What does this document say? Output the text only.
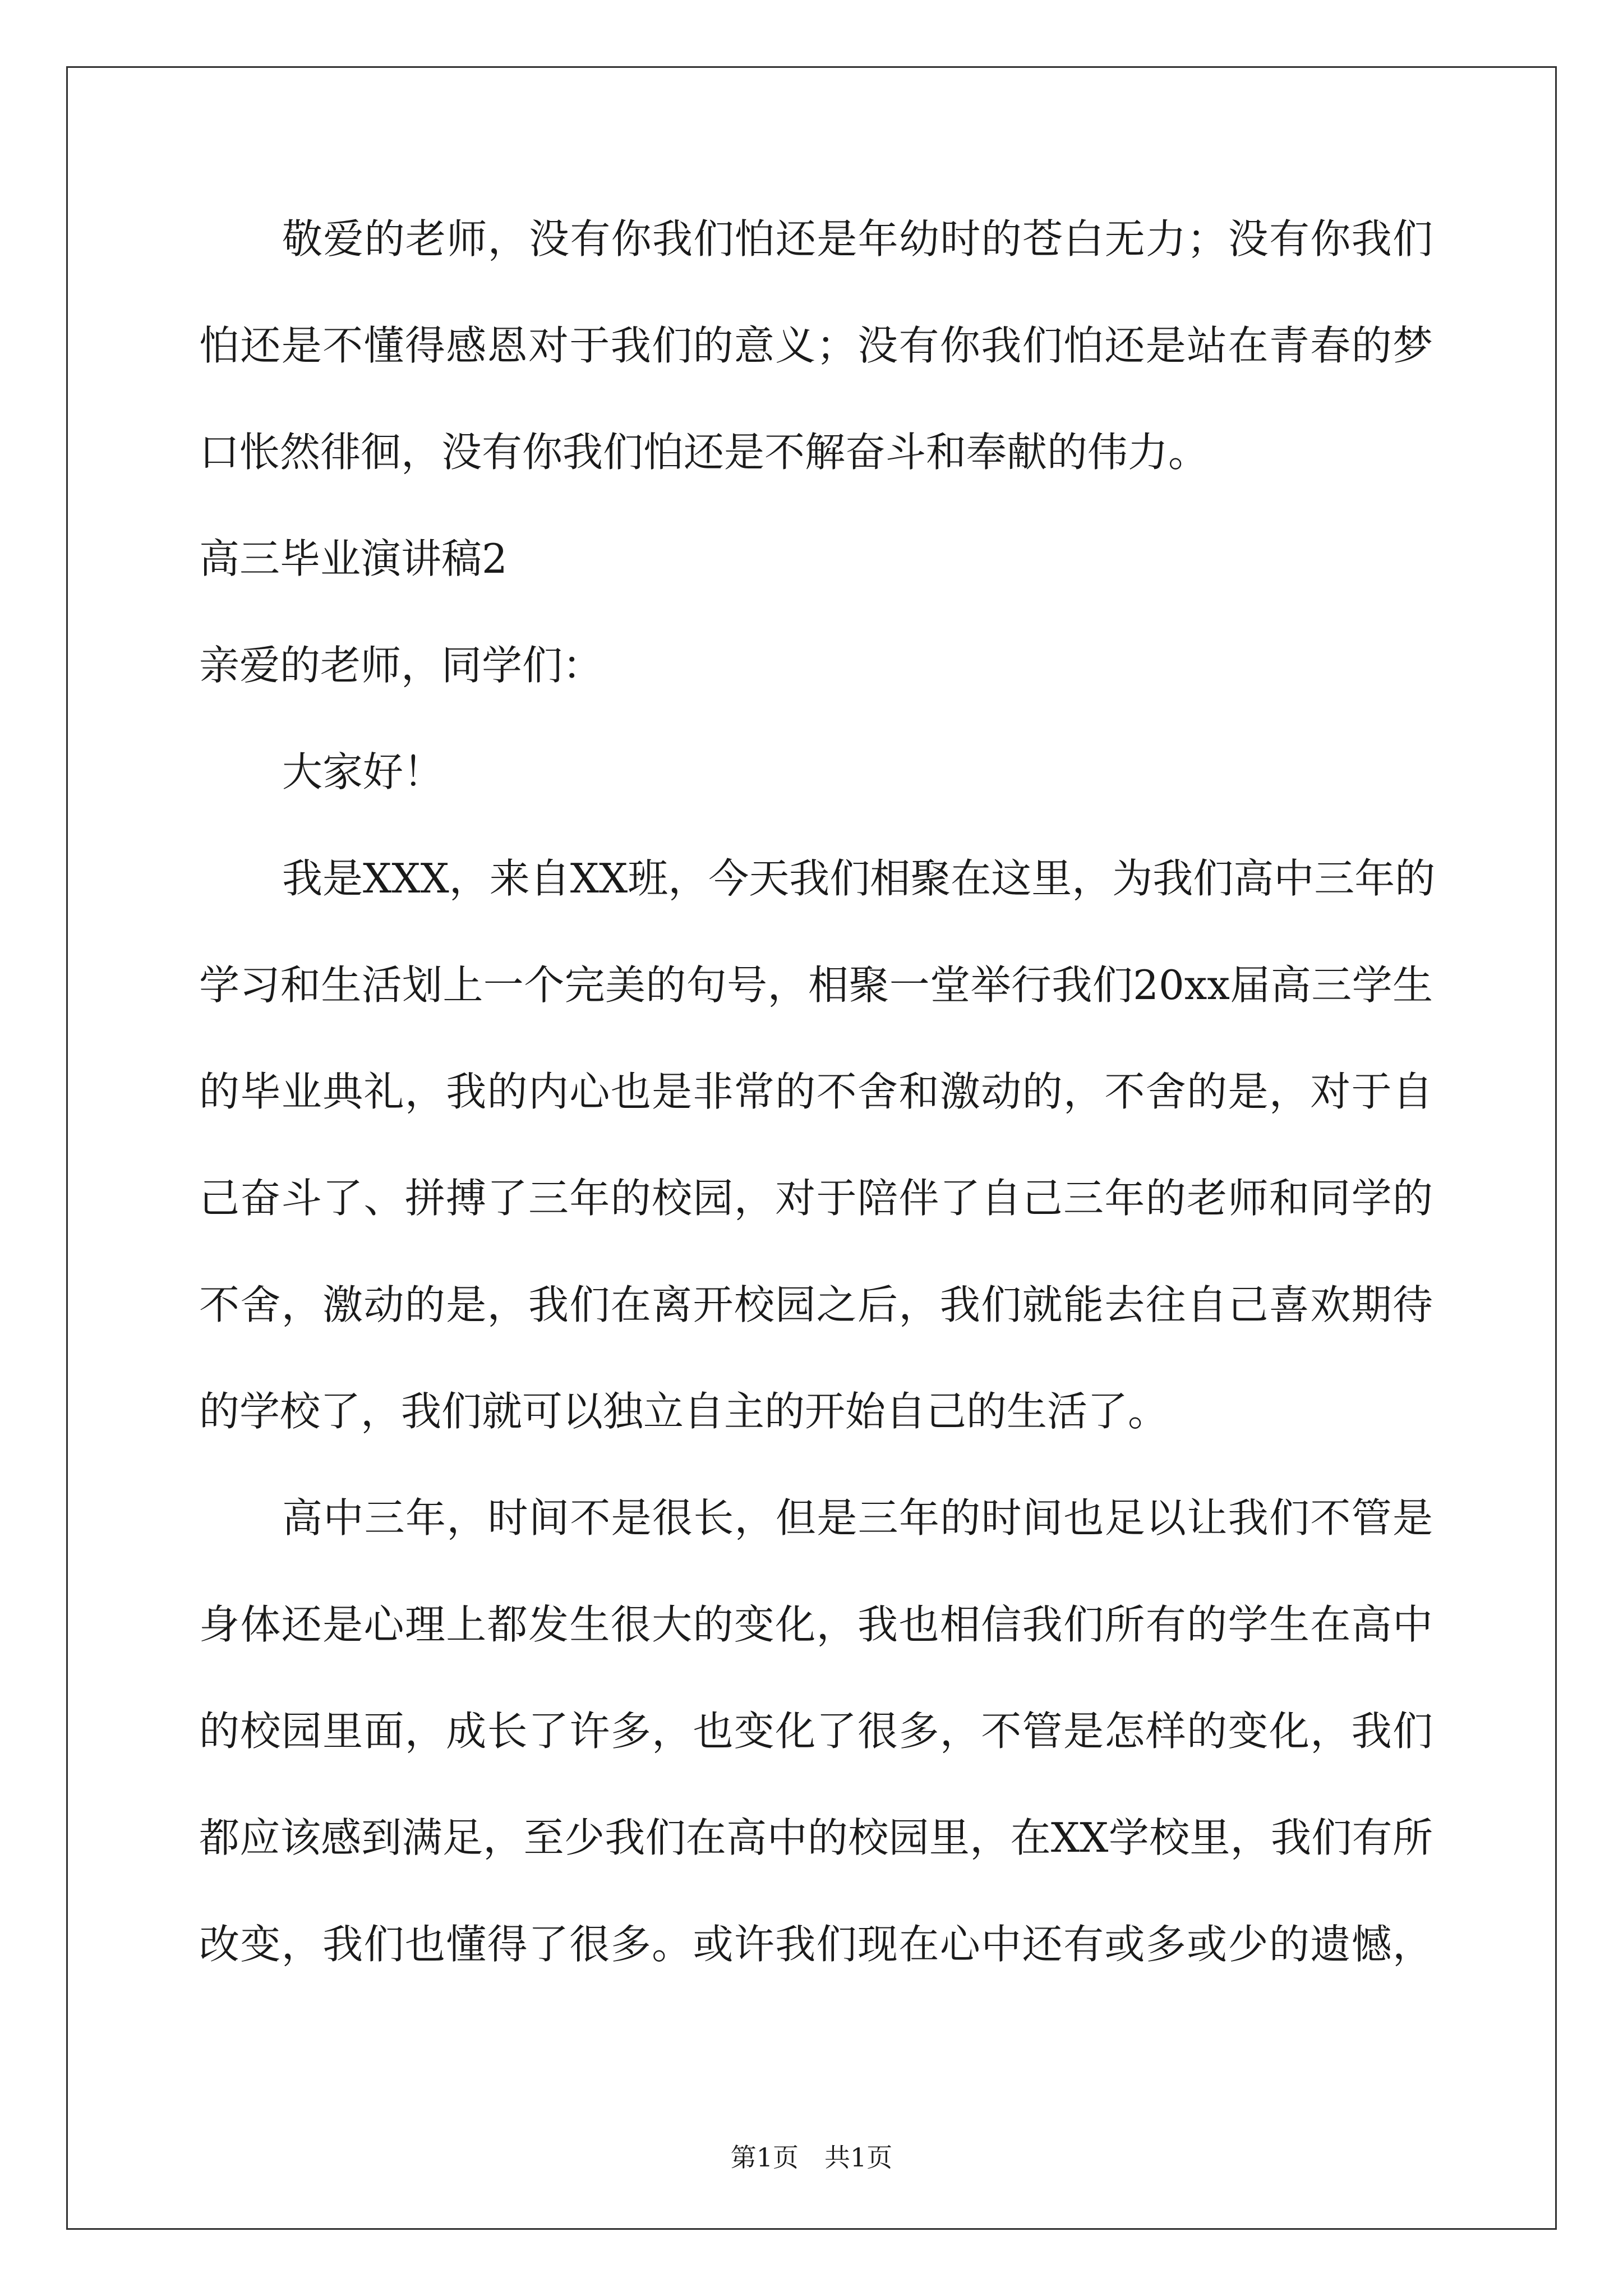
敬爱的老师，没有你我们怕还是年幼时的苍白无力；没有你我们
怕还是不懂得感恩对于我们的意义；没有你我们怕还是站在青春的梦
口怅然徘徊，没有你我们怕还是不解奋斗和奉献的伟力。
高三毕业演讲稿2
亲爱的老师，同学们：
大家好！
我是XXX，来自XX班，今天我们相聚在这里，为我们高中三年的
学习和生活划上一个完美的句号，相聚一堂举行我们20xx届高三学生
的毕业典礼，我的内心也是非常的不舍和激动的，不舍的是，对于自
己奋斗了、拼搏了三年的校园，对于陪伴了自己三年的老师和同学的
不舍，激动的是，我们在离开校园之后，我们就能去往自己喜欢期待
的学校了，我们就可以独立自主的开始自己的生活了。
高中三年，时间不是很长，但是三年的时间也足以让我们不管是
身体还是心理上都发生很大的变化，我也相信我们所有的学生在高中
的校园里面，成长了许多，也变化了很多，不管是怎样的变化，我们
都应该感到满足，至少我们在高中的校园里，在XX学校里，我们有所
改变，我们也懂得了很多。或许我们现在心中还有或多或少的遗憾，
第1页　共1页
